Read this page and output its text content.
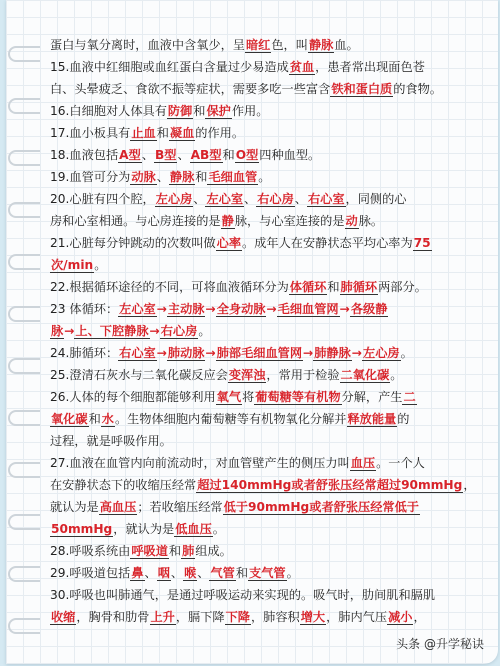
蛋白与氧分离时，血液中含氧少，呈暗红色，叫静脉血。

15.血液中红细胞或血红蛋白含量过少易造成贫血，患者常出现面色苍

白、头晕疲乏、食欲不振等症状，需要多吃一些富含铁和蛋白质的食物。

16.白细胞对人体具有防御和保护作用。

17.血小板具有止血和凝血的作用。

18.血液包括A型、B型、AB型和O型四种血型。

19.血管可分为动脉、静脉和毛细血管。

20.心脏有四个腔，左心房、左心室、右心房、右心室，同侧的心

房和心室相通。与心房连接的是静脉，与心室连接的是动脉。

21.心脏每分钟跳动的次数叫做心率。成年人在安静状态平均心率为75

次/min。

22.根据循环途径的不同，可将血液循环分为体循环和肺循环两部分。

23 体循环：左心室→主动脉→全身动脉→毛细血管网→各级静

脉→上、下腔静脉→右心房。

24.肺循环：右心室→肺动脉→肺部毛细血管网→肺静脉→左心房。

25.澄清石灰水与二氧化碳反应会变浑浊，常用于检验二氧化碳。

26.人体的每个细胞都能够利用氧气将葡萄糖等有机物分解，产生二

氧化碳和水。生物体细胞内葡萄糖等有机物氧化分解并释放能量的

过程，就是呼吸作用。

27.血液在血管内向前流动时，对血管壁产生的侧压力叫血压。一个人

在安静状态下的收缩压经常超过140mmHg或者舒张压经常超过90mmHg，

就认为是高血压；若收缩压经常低于90mmHg或者舒张压经常低于

50mmHg，就认为是低血压。

28.呼吸系统由呼吸道和肺组成。

29.呼吸道包括鼻、咽、喉、气管和支气管。

30.呼吸也叫肺通气，是通过呼吸运动来实现的。吸气时，肋间肌和膈肌

收缩，胸骨和肋骨上升，膈下降下降，肺容积增大，肺内气压减小，

头条 @升学秘诀
